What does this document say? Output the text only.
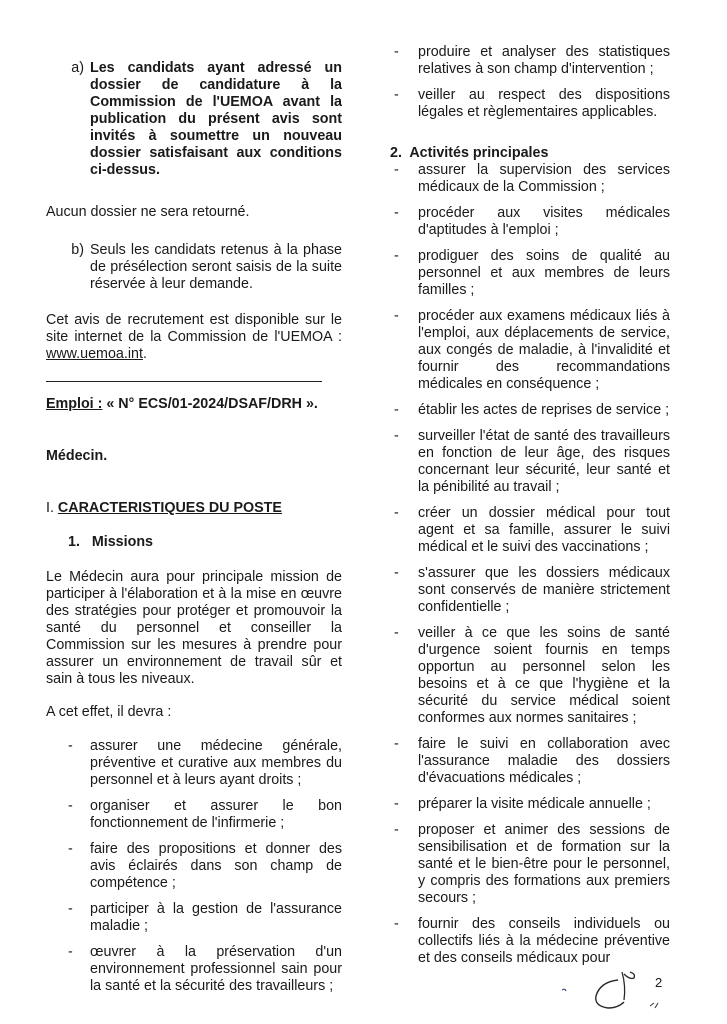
a) Les candidats ayant adressé un dossier de candidature à la Commission de l'UEMOA avant la publication du présent avis sont invités à soumettre un nouveau dossier satisfaisant aux conditions ci-dessus.

Aucun dossier ne sera retourné.

b) Seuls les candidats retenus à la phase de présélection seront saisis de la suite réservée à leur demande.

Cet avis de recrutement est disponible sur le site internet de la Commission de l'UEMOA : www.uemoa.int.

Emploi : « N° ECS/01-2024/DSAF/DRH ».

Médecin.

I. CARACTERISTIQUES DU POSTE

1.   Missions

Le Médecin aura pour principale mission de participer à l'élaboration et à la mise en œuvre des stratégies pour protéger et promouvoir la santé du personnel et conseiller la Commission sur les mesures à prendre pour assurer un environnement de travail sûr et sain à tous les niveaux.

A cet effet, il devra :

- assurer une médecine générale, préventive et curative aux membres du personnel et à leurs ayant droits ;
- organiser et assurer le bon fonctionnement de l'infirmerie ;
- faire des propositions et donner des avis éclairés dans son champ de compétence ;
- participer à la gestion de l'assurance maladie ;
- œuvrer à la préservation d'un environnement professionnel sain pour la santé et la sécurité des travailleurs ;
- produire et analyser des statistiques relatives à son champ d'intervention ;
- veiller au respect des dispositions légales et règlementaires applicables.

2.  Activités principales

- assurer la supervision des services médicaux de la Commission ;
- procéder aux visites médicales d'aptitudes à l'emploi ;
- prodiguer des soins de qualité au personnel et aux membres de leurs familles ;
- procéder aux examens médicaux liés à l'emploi, aux déplacements de service, aux congés de maladie, à l'invalidité et fournir des recommandations médicales en conséquence ;
- établir les actes de reprises de service ;
- surveiller l'état de santé des travailleurs en fonction de leur âge, des risques concernant leur sécurité, leur santé et la pénibilité au travail ;
- créer un dossier médical pour tout agent et sa famille, assurer le suivi médical et le suivi des vaccinations ;
- s'assurer que les dossiers médicaux sont conservés de manière strictement confidentielle ;
- veiller à ce que les soins de santé d'urgence soient fournis en temps opportun au personnel selon les besoins et à ce que l'hygiène et la sécurité du service médical soient conformes aux normes sanitaires ;
- faire le suivi en collaboration avec l'assurance maladie des dossiers d'évacuations médicales ;
- préparer la visite médicale annuelle ;
- proposer et animer des sessions de sensibilisation et de formation sur la santé et le bien-être pour le personnel, y compris des formations aux premiers secours ;
- fournir des conseils individuels ou collectifs liés à la médecine préventive et des conseils médicaux pour
2
